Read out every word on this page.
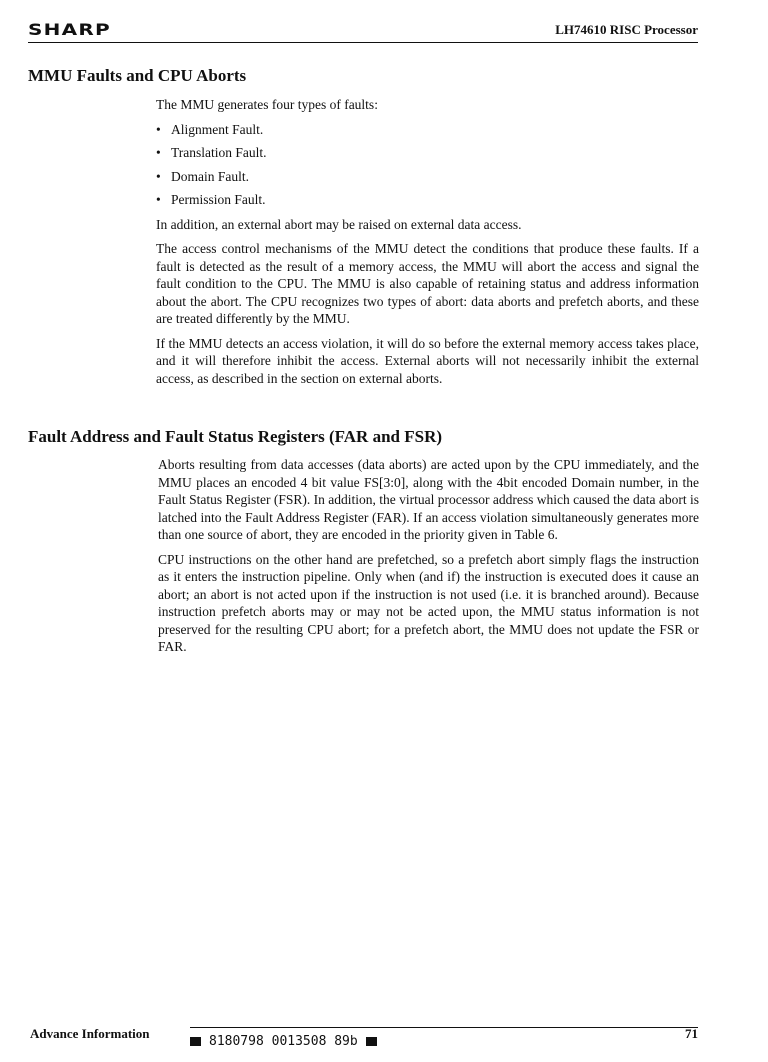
SHARP	LH74610 RISC Processor
MMU Faults and CPU Aborts

The MMU generates four types of faults:

• Alignment Fault.
• Translation Fault.
• Domain Fault.
• Permission Fault.

In addition, an external abort may be raised on external data access.

The access control mechanisms of the MMU detect the conditions that produce these faults. If a fault is detected as the result of a memory access, the MMU will abort the access and signal the fault condition to the CPU. The MMU is also capable of retaining status and address information about the abort. The CPU recognizes two types of abort: data aborts and prefetch aborts, and these are treated differently by the MMU.

If the MMU detects an access violation, it will do so before the external memory access takes place, and it will therefore inhibit the access. External aborts will not necessarily inhibit the external access, as described in the section on external aborts.

Fault Address and Fault Status Registers (FAR and FSR)

Aborts resulting from data accesses (data aborts) are acted upon by the CPU immediately, and the MMU places an encoded 4 bit value FS[3:0], along with the 4bit encoded Domain number, in the Fault Status Register (FSR). In addition, the virtual processor address which caused the data abort is latched into the Fault Address Register (FAR). If an access violation simultaneously generates more than one source of abort, they are encoded in the priority given in Table 6.

CPU instructions on the other hand are prefetched, so a prefetch abort simply flags the instruction as it enters the instruction pipeline. Only when (and if) the instruction is executed does it cause an abort; an abort is not acted upon if the instruction is not used (i.e. it is branched around). Because instruction prefetch aborts may or may not be acted upon, the MMU status information is not preserved for the resulting CPU abort; for a prefetch abort, the MMU does not update the FSR or FAR.

Advance Information
8180798 0013508 89b
71
